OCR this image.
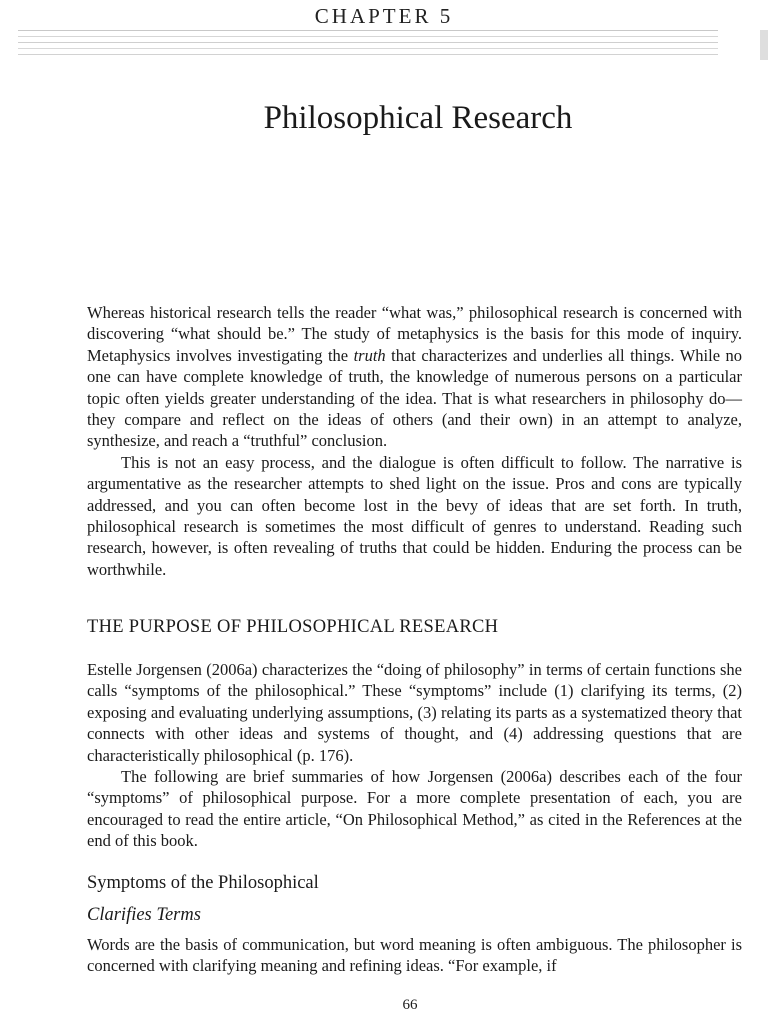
CHAPTER 5
Philosophical Research

Whereas historical research tells the reader “what was,” philosophical research is concerned with discovering “what should be.” The study of metaphysics is the basis for this mode of inquiry. Metaphysics involves investigating the truth that characterizes and underlies all things. While no one can have complete knowledge of truth, the knowledge of numerous persons on a particular topic often yields greater understanding of the idea. That is what researchers in philosophy do—they compare and reflect on the ideas of others (and their own) in an attempt to analyze, synthesize, and reach a “truthful” conclusion.

This is not an easy process, and the dialogue is often difficult to follow. The narrative is argumentative as the researcher attempts to shed light on the issue. Pros and cons are typically addressed, and you can often become lost in the bevy of ideas that are set forth. In truth, philosophical research is sometimes the most difficult of genres to understand. Reading such research, however, is often revealing of truths that could be hidden. Enduring the process can be worthwhile.

THE PURPOSE OF PHILOSOPHICAL RESEARCH

Estelle Jorgensen (2006a) characterizes the “doing of philosophy” in terms of certain functions she calls “symptoms of the philosophical.” These “symptoms” include (1) clarifying its terms, (2) exposing and evaluating underlying assumptions, (3) relating its parts as a systematized theory that connects with other ideas and systems of thought, and (4) addressing questions that are characteristically philosophical (p. 176).

The following are brief summaries of how Jorgensen (2006a) describes each of the four “symptoms” of philosophical purpose. For a more complete presentation of each, you are encouraged to read the entire article, “On Philosophical Method,” as cited in the References at the end of this book.

Symptoms of the Philosophical
Clarifies Terms

Words are the basis of communication, but word meaning is often ambiguous. The philosopher is concerned with clarifying meaning and refining ideas. “For example, if

66
